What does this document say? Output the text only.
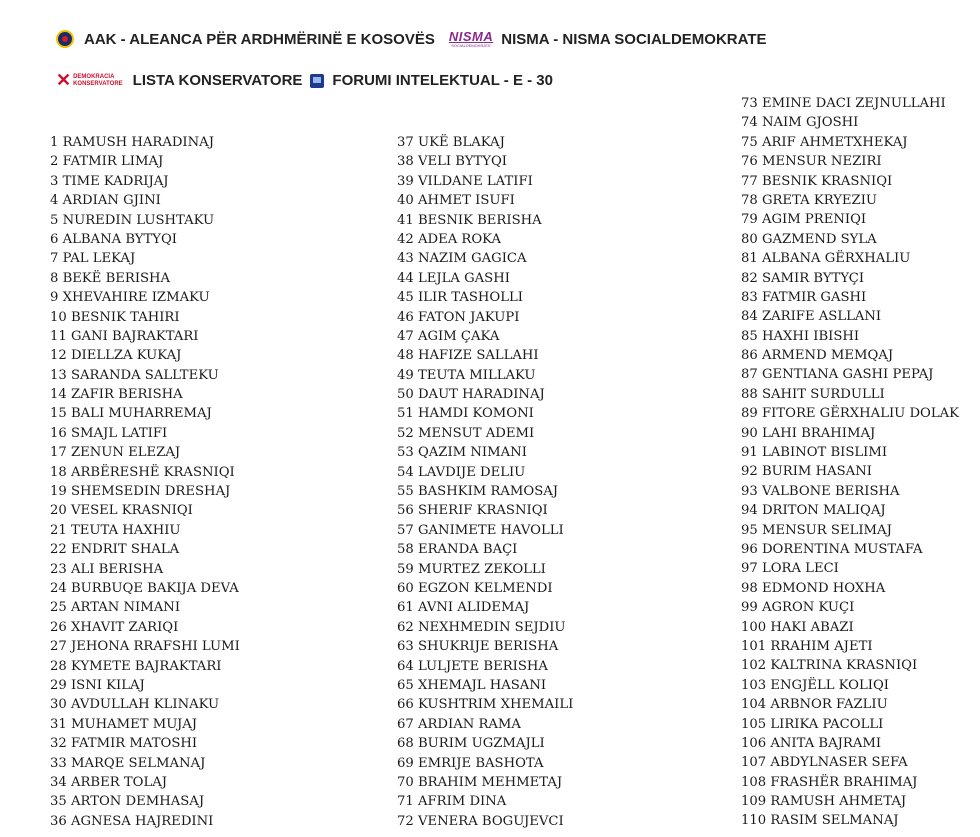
AAK - ALEANCA PËR ARDHMËRINË E KOSOVËS NISMA
SOCIALDEMOKRATE NISMA - NISMA SOCIALDEMOKRATE
✕ DEMOKRACIA
KONSERVATORE LISTA KONSERVATORE FORUMI INTELEKTUAL - E - 30
1 RAMUSH HARADINAJ
2 FATMIR LIMAJ
3 TIME KADRIJAJ
4 ARDIAN GJINI
5 NUREDIN LUSHTAKU
6 ALBANA BYTYQI
7 PAL LEKAJ
8 BEKË BERISHA
9 XHEVAHIRE IZMAKU
10 BESNIK TAHIRI
11 GANI BAJRAKTARI
12 DIELLZA KUKAJ
13 SARANDA SALLTEKU
14 ZAFIR BERISHA
15 BALI MUHARREMAJ
16 SMAJL LATIFI
17 ZENUN ELEZAJ
18 ARBËRESHË KRASNIQI
19 SHEMSEDIN DRESHAJ
20 VESEL KRASNIQI
21 TEUTA HAXHIU
22 ENDRIT SHALA
23 ALI BERISHA
24 BURBUQE BAKIJA DEVA
25 ARTAN NIMANI
26 XHAVIT ZARIQI
27 JEHONA RRAFSHI LUMI
28 KYMETE BAJRAKTARI
29 ISNI KILAJ
30 AVDULLAH KLINAKU
31 MUHAMET MUJAJ
32 FATMIR MATOSHI
33 MARQE SELMANAJ
34 ARBER TOLAJ
35 ARTON DEMHASAJ
36 AGNESA HAJREDINI
37 UKË BLAKAJ
38 VELI BYTYQI
39 VILDANE LATIFI
40 AHMET ISUFI
41 BESNIK BERISHA
42 ADEA ROKA
43 NAZIM GAGICA
44 LEJLA GASHI
45 ILIR TASHOLLI
46 FATON JAKUPI
47 AGIM ÇAKA
48 HAFIZE SALLAHI
49 TEUTA MILLAKU
50 DAUT HARADINAJ
51 HAMDI KOMONI
52 MENSUT ADEMI
53 QAZIM NIMANI
54 LAVDIJE DELIU
55 BASHKIM RAMOSAJ
56 SHERIF KRASNIQI
57 GANIMETE HAVOLLI
58 ERANDA BAÇI
59 MURTEZ ZEKOLLI
60 EGZON KELMENDI
61 AVNI ALIDEMAJ
62 NEXHMEDIN SEJDIU
63 SHUKRIJE BERISHA
64 LULJETE BERISHA
65 XHEMAJL HASANI
66 KUSHTRIM XHEMAILI
67 ARDIAN RAMA
68 BURIM UGZMAJLI
69 EMRIJE BASHOTA
70 BRAHIM MEHMETAJ
71 AFRIM DINA
72 VENERA BOGUJEVCI
73 EMINE DACI ZEJNULLAHI
74 NAIM GJOSHI
75 ARIF AHMETXHEKAJ
76 MENSUR NEZIRI
77 BESNIK KRASNIQI
78 GRETA KRYEZIU
79 AGIM PRENIQI
80 GAZMEND SYLA
81 ALBANA GËRXHALIU
82 SAMIR BYTYÇI
83 FATMIR GASHI
84 ZARIFE ASLLANI
85 HAXHI IBISHI
86 ARMEND MEMQAJ
87 GENTIANA GASHI PEPAJ
88 SAHIT SURDULLI
89 FITORE GËRXHALIU DOLAK
90 LAHI BRAHIMAJ
91 LABINOT BISLIMI
92 BURIM HASANI
93 VALBONE BERISHA
94 DRITON MALIQAJ
95 MENSUR SELIMAJ
96 DORENTINA MUSTAFA
97 LORA LECI
98 EDMOND HOXHA
99 AGRON KUÇI
100 HAKI ABAZI
101 RRAHIM AJETI
102 KALTRINA KRASNIQI
103 ENGJËLL KOLIQI
104 ARBNOR FAZLIU
105 LIRIKA PACOLLI
106 ANITA BAJRAMI
107 ABDYLNASER SEFA
108 FRASHËR BRAHIMAJ
109 RAMUSH AHMETAJ
110 RASIM SELMANAJ
